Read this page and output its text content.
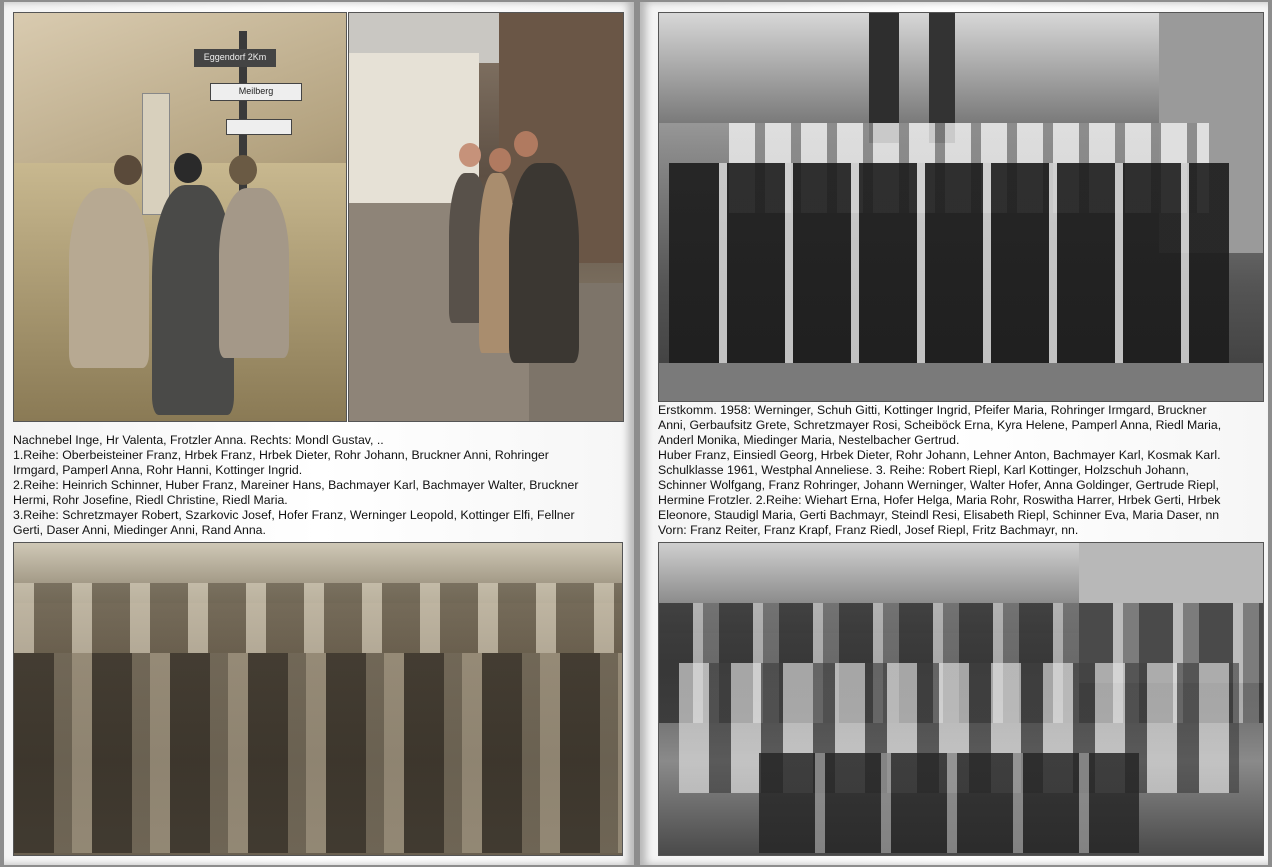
Meilberg
Eggendorf 2Km
Nachnebel Inge, Hr Valenta, Frotzler Anna. Rechts: Mondl Gustav, ..
1.Reihe: Oberbeisteiner Franz, Hrbek Franz, Hrbek Dieter, Rohr Johann, Bruckner Anni, Rohringer
Irmgard, Pamperl Anna, Rohr Hanni, Kottinger Ingrid.
2.Reihe: Heinrich Schinner, Huber Franz, Mareiner Hans, Bachmayer Karl, Bachmayer Walter, Bruckner
Hermi, Rohr Josefine, Riedl Christine, Riedl Maria.
3.Reihe: Schretzmayer Robert, Szarkovic Josef, Hofer Franz, Werninger Leopold, Kottinger Elfi, Fellner
Gerti, Daser Anni, Miedinger Anni, Rand Anna.
Erstkomm. 1958: Werninger, Schuh Gitti, Kottinger Ingrid, Pfeifer Maria, Rohringer Irmgard, Bruckner
Anni, Gerbaufsitz Grete, Schretzmayer Rosi, Scheiböck Erna, Kyra Helene, Pamperl Anna, Riedl Maria,
Anderl Monika, Miedinger Maria, Nestelbacher Gertrud.
Huber Franz, Einsiedl Georg, Hrbek Dieter, Rohr Johann, Lehner Anton, Bachmayer Karl, Kosmak Karl.
Schulklasse 1961, Westphal Anneliese. 3. Reihe: Robert Riepl, Karl Kottinger, Holzschuh Johann,
Schinner Wolfgang, Franz Rohringer, Johann Werninger, Walter Hofer, Anna Goldinger, Gertrude Riepl,
Hermine Frotzler. 2.Reihe: Wiehart Erna, Hofer Helga, Maria Rohr, Roswitha Harrer, Hrbek Gerti, Hrbek
Eleonore, Staudigl Maria, Gerti Bachmayr, Steindl Resi, Elisabeth Riepl, Schinner Eva, Maria Daser, nn
Vorn: Franz Reiter, Franz Krapf, Franz Riedl, Josef Riepl, Fritz Bachmayr, nn.
